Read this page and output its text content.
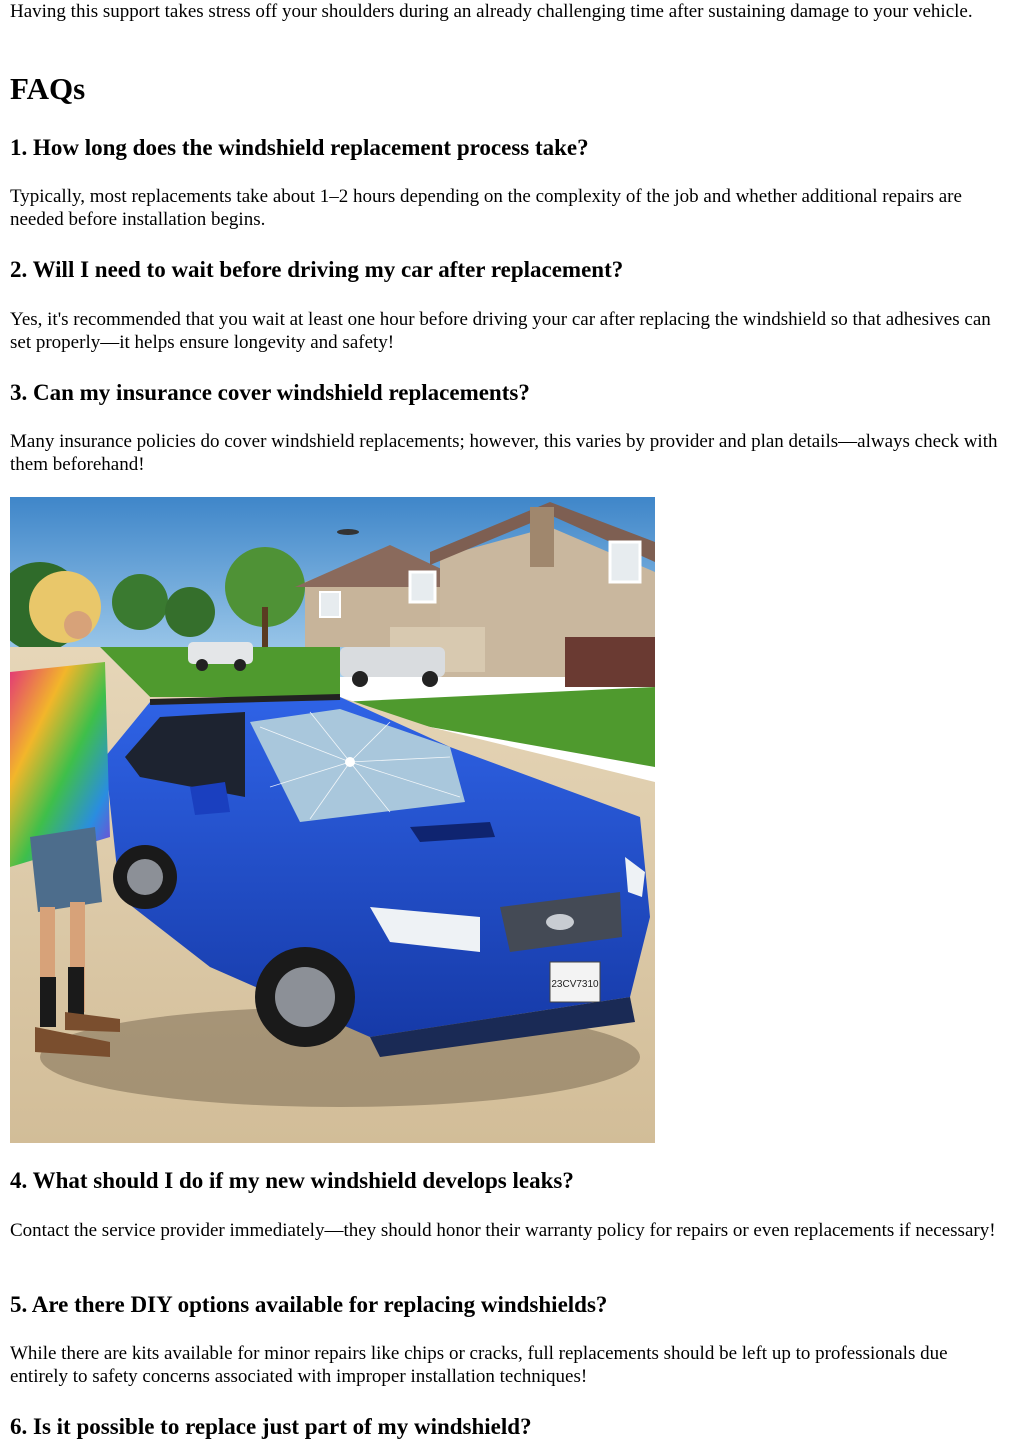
Having this support takes stress off your shoulders during an already challenging time after sustaining damage to your vehicle.

FAQs
1. How long does the windshield replacement process take?

Typically, most replacements take about 1–2 hours depending on the complexity of the job and whether additional repairs are needed before installation begins.

2. Will I need to wait before driving my car after replacement?

Yes, it's recommended that you wait at least one hour before driving your car after replacing the windshield so that adhesives can set properly—it helps ensure longevity and safety!

3. Can my insurance cover windshield replacements?

Many insurance policies do cover windshield replacements; however, this varies by provider and plan details—always check with them beforehand!

23CV7310
4. What should I do if my new windshield develops leaks?

Contact the service provider immediately—they should honor their warranty policy for repairs or even replacements if necessary!

5. Are there DIY options available for replacing windshields?

While there are kits available for minor repairs like chips or cracks, full replacements should be left up to professionals due entirely to safety concerns associated with improper installation techniques!

6. Is it possible to replace just part of my windshield?
